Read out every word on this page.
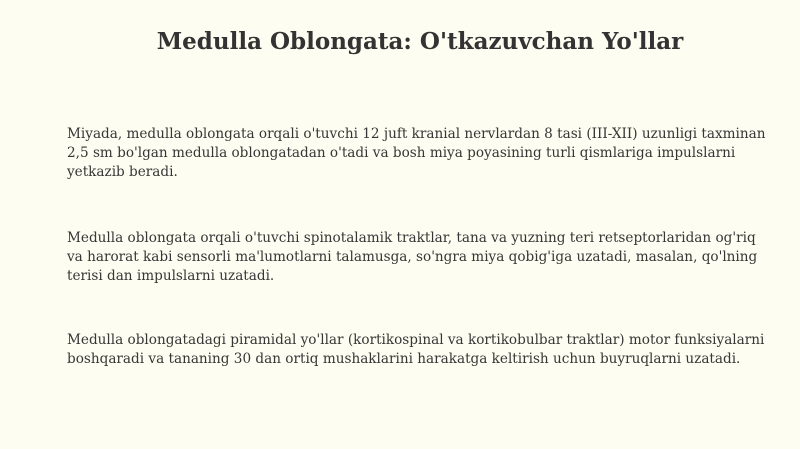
Medulla Oblongata: O'tkazuvchan Yo'llar

Miyada, medulla oblongata orqali o'tuvchi 12 juft kranial nervlardan 8 tasi (III-XII) uzunligi taxminan 2,5 sm bo'lgan medulla oblongatadan o'tadi va bosh miya poyasining turli qismlariga impulslarni yetkazib beradi.

Medulla oblongata orqali o'tuvchi spinotalamik traktlar, tana va yuzning teri retseptorlaridan og'riq va harorat kabi sensorli ma'lumotlarni talamusga, so'ngra miya qobig'iga uzatadi, masalan, qo'lning terisi dan impulslarni uzatadi.

Medulla oblongatadagi piramidal yo'llar (kortikospinal va kortikobulbar traktlar) motor funksiyalarni boshqaradi va tananing 30 dan ortiq mushaklarini harakatga keltirish uchun buyruqlarni uzatadi.
